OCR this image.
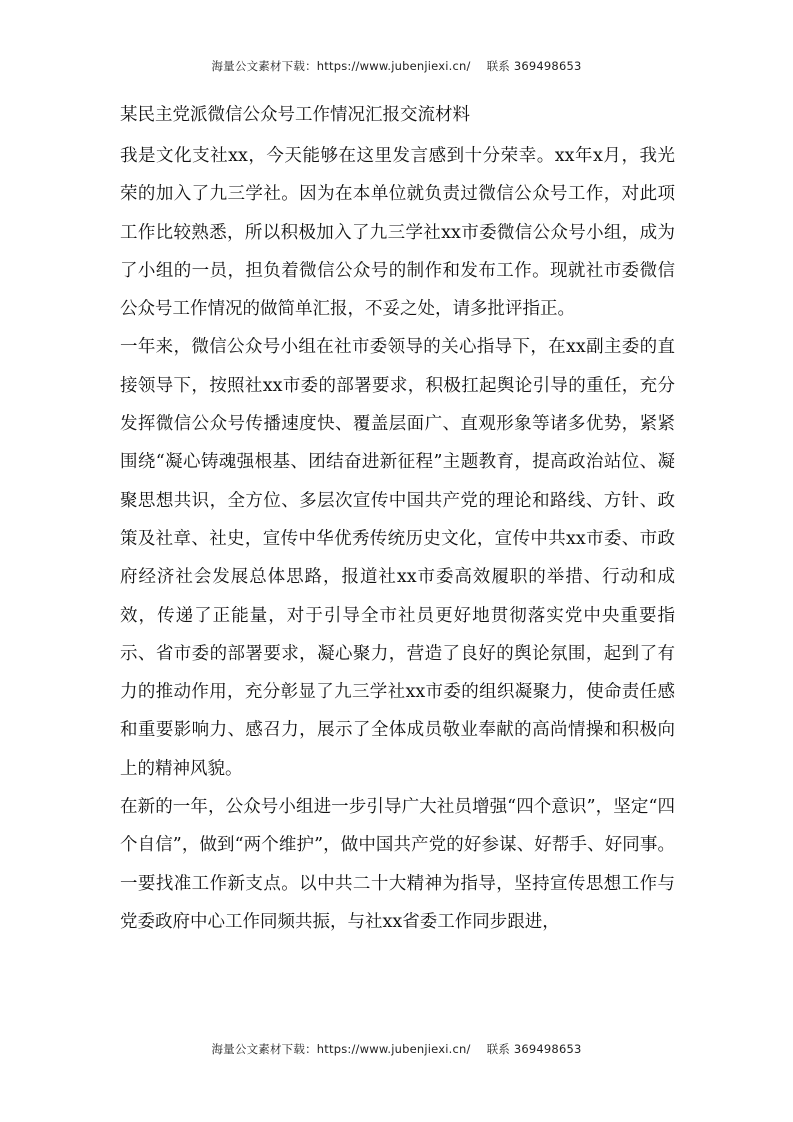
海量公文素材下载：https://www.jubenjiexi.cn/ 联系 369498653
某民主党派微信公众号工作情况汇报交流材料

我是文化支社xx，今天能够在这里发言感到十分荣幸。xx年x月，我光荣的加入了九三学社。因为在本单位就负责过微信公众号工作，对此项工作比较熟悉，所以积极加入了九三学社xx市委微信公众号小组，成为了小组的一员，担负着微信公众号的制作和发布工作。现就社市委微信公众号工作情况的做简单汇报，不妥之处，请多批评指正。

一年来，微信公众号小组在社市委领导的关心指导下，在xx副主委的直接领导下，按照社xx市委的部署要求，积极扛起舆论引导的重任，充分发挥微信公众号传播速度快、覆盖层面广、直观形象等诸多优势，紧紧围绕“凝心铸魂强根基、团结奋进新征程”主题教育，提高政治站位、凝聚思想共识，全方位、多层次宣传中国共产党的理论和路线、方针、政策及社章、社史，宣传中华优秀传统历史文化，宣传中共xx市委、市政府经济社会发展总体思路，报道社xx市委高效履职的举措、行动和成效，传递了正能量，对于引导全市社员更好地贯彻落实党中央重要指示、省市委的部署要求，凝心聚力，营造了良好的舆论氛围，起到了有力的推动作用，充分彰显了九三学社xx市委的组织凝聚力，使命责任感和重要影响力、感召力，展示了全体成员敬业奉献的高尚情操和积极向上的精神风貌。

在新的一年，公众号小组进一步引导广大社员增强“四个意识”，坚定“四个自信”，做到“两个维护”，做中国共产党的好参谋、好帮手、好同事。一要找准工作新支点。以中共二十大精神为指导，坚持宣传思想工作与党委政府中心工作同频共振，与社xx省委工作同步跟进，

海量公文素材下载：https://www.jubenjiexi.cn/ 联系 369498653
